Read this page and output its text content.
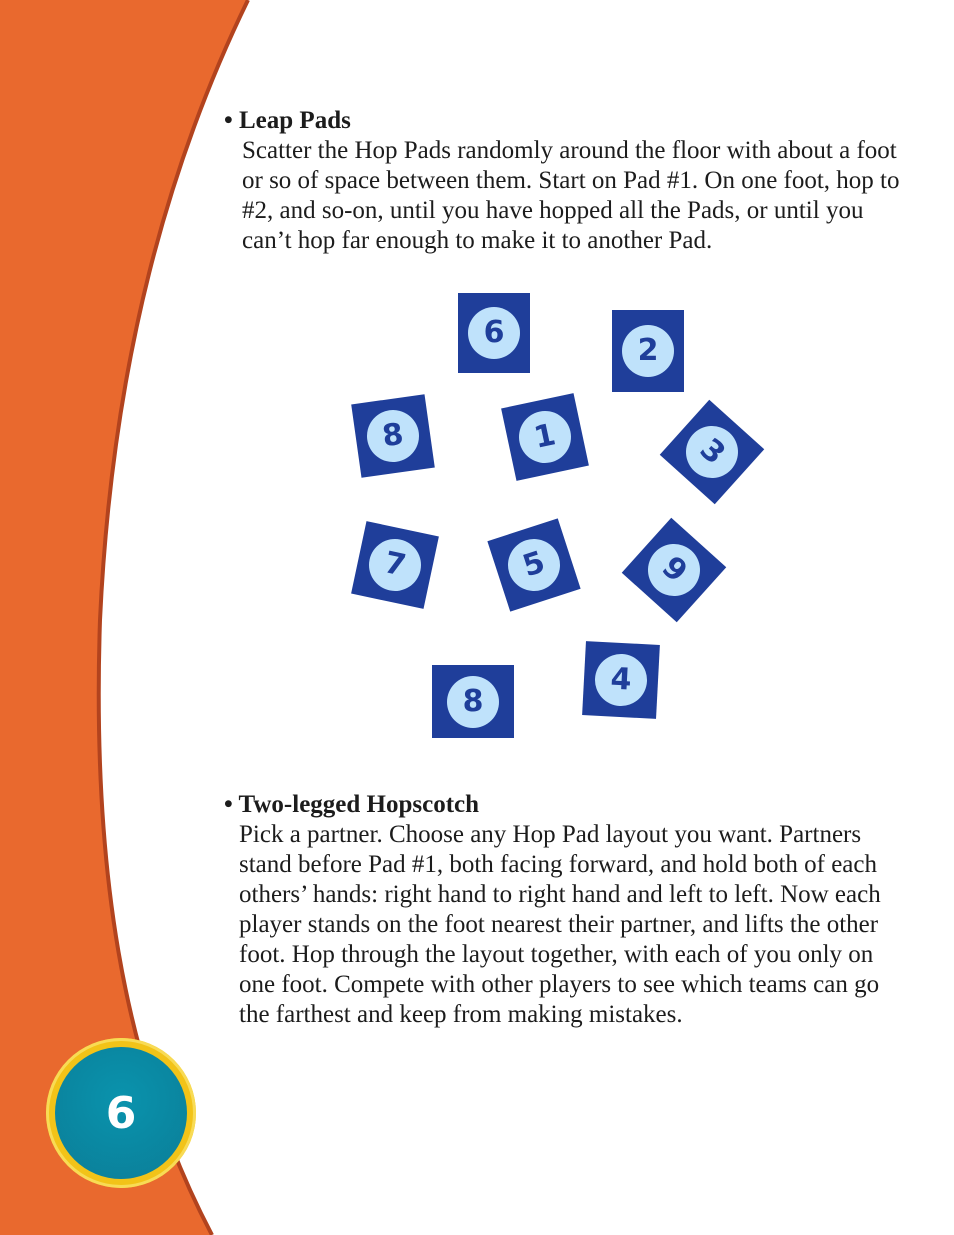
• Leap Pads

Scatter the Hop Pads randomly around the floor with about a foot or so of space between them. Start on Pad #1. On one foot, hop to #2, and so-on, until you have hopped all the Pads, or until you can’t hop far enough to make it to another Pad.

6
2
8	1	3
7	5	9
8
4

• Two-legged Hopscotch

Pick a partner. Choose any Hop Pad layout you want. Partners stand before Pad #1, both facing forward, and hold both of each others’ hands: right hand to right hand and left to left. Now each player stands on the foot nearest their partner, and lifts the other foot. Hop through the layout together, with each of you only on one foot. Compete with other players to see which teams can go the farthest and keep from making mistakes.

6
